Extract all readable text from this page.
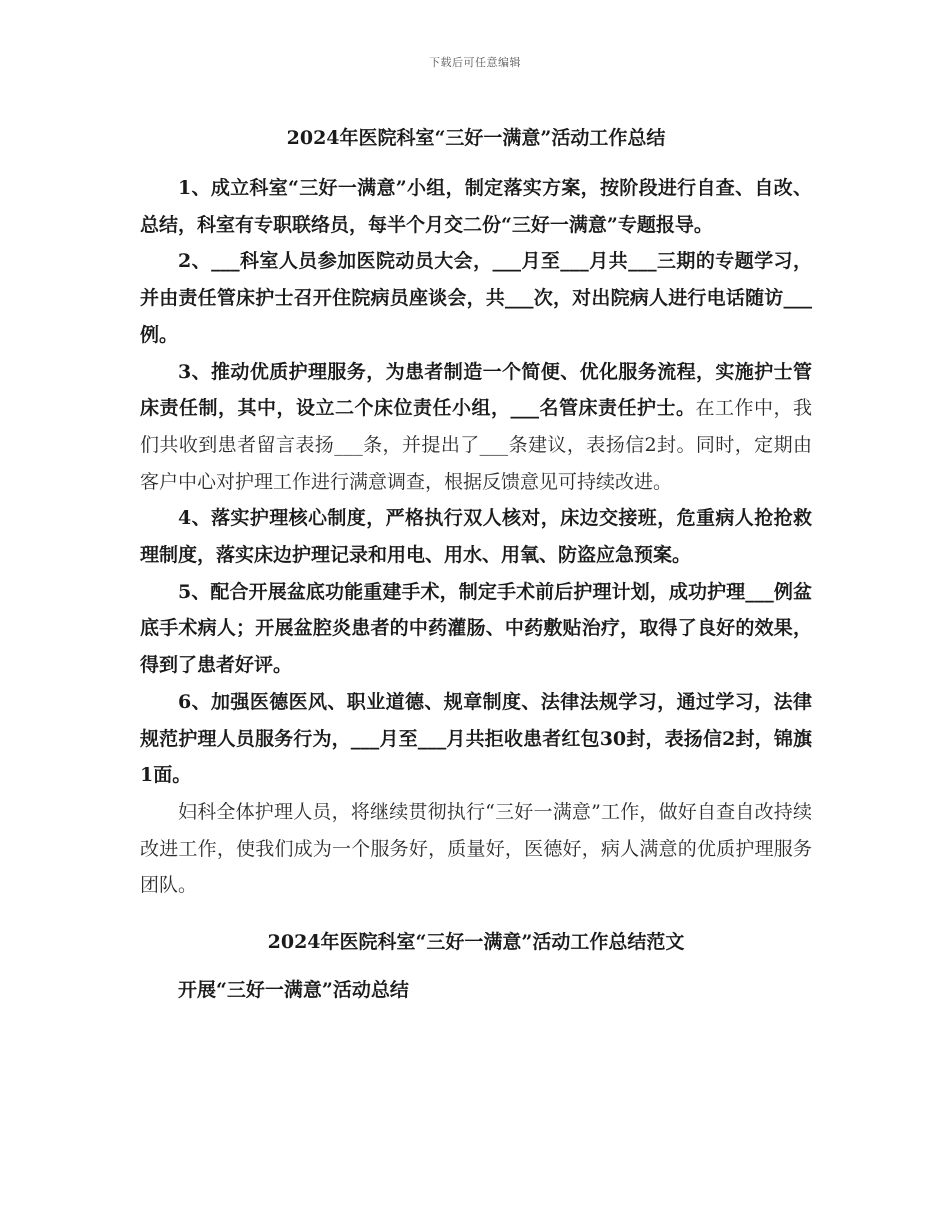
下载后可任意编辑
2024年医院科室“三好一满意”活动工作总结

1、成立科室“三好一满意”小组，制定落实方案，按阶段进行自查、自改、总结，科室有专职联络员，每半个月交二份“三好一满意”专题报导。

2、___科室人员参加医院动员大会，___月至___月共___三期的专题学习，并由责任管床护士召开住院病员座谈会，共___次，对出院病人进行电话随访___例。

3、推动优质护理服务，为患者制造一个简便、优化服务流程，实施护士管床责任制，其中，设立二个床位责任小组，___名管床责任护士。在工作中，我们共收到患者留言表扬___条，并提出了___条建议，表扬信2封。同时，定期由客户中心对护理工作进行满意调查，根据反馈意见可持续改进。

4、落实护理核心制度，严格执行双人核对，床边交接班，危重病人抢抢救理制度，落实床边护理记录和用电、用水、用氧、防盗应急预案。

5、配合开展盆底功能重建手术，制定手术前后护理计划，成功护理___例盆底手术病人；开展盆腔炎患者的中药灌肠、中药敷贴治疗，取得了良好的效果，得到了患者好评。

6、加强医德医风、职业道德、规章制度、法律法规学习，通过学习，法律规范护理人员服务行为，___月至___月共拒收患者红包30封，表扬信2封，锦旗1面。

妇科全体护理人员，将继续贯彻执行“三好一满意”工作，做好自查自改持续改进工作，使我们成为一个服务好，质量好，医德好，病人满意的优质护理服务团队。

2024年医院科室“三好一满意”活动工作总结范文

开展“三好一满意”活动总结
